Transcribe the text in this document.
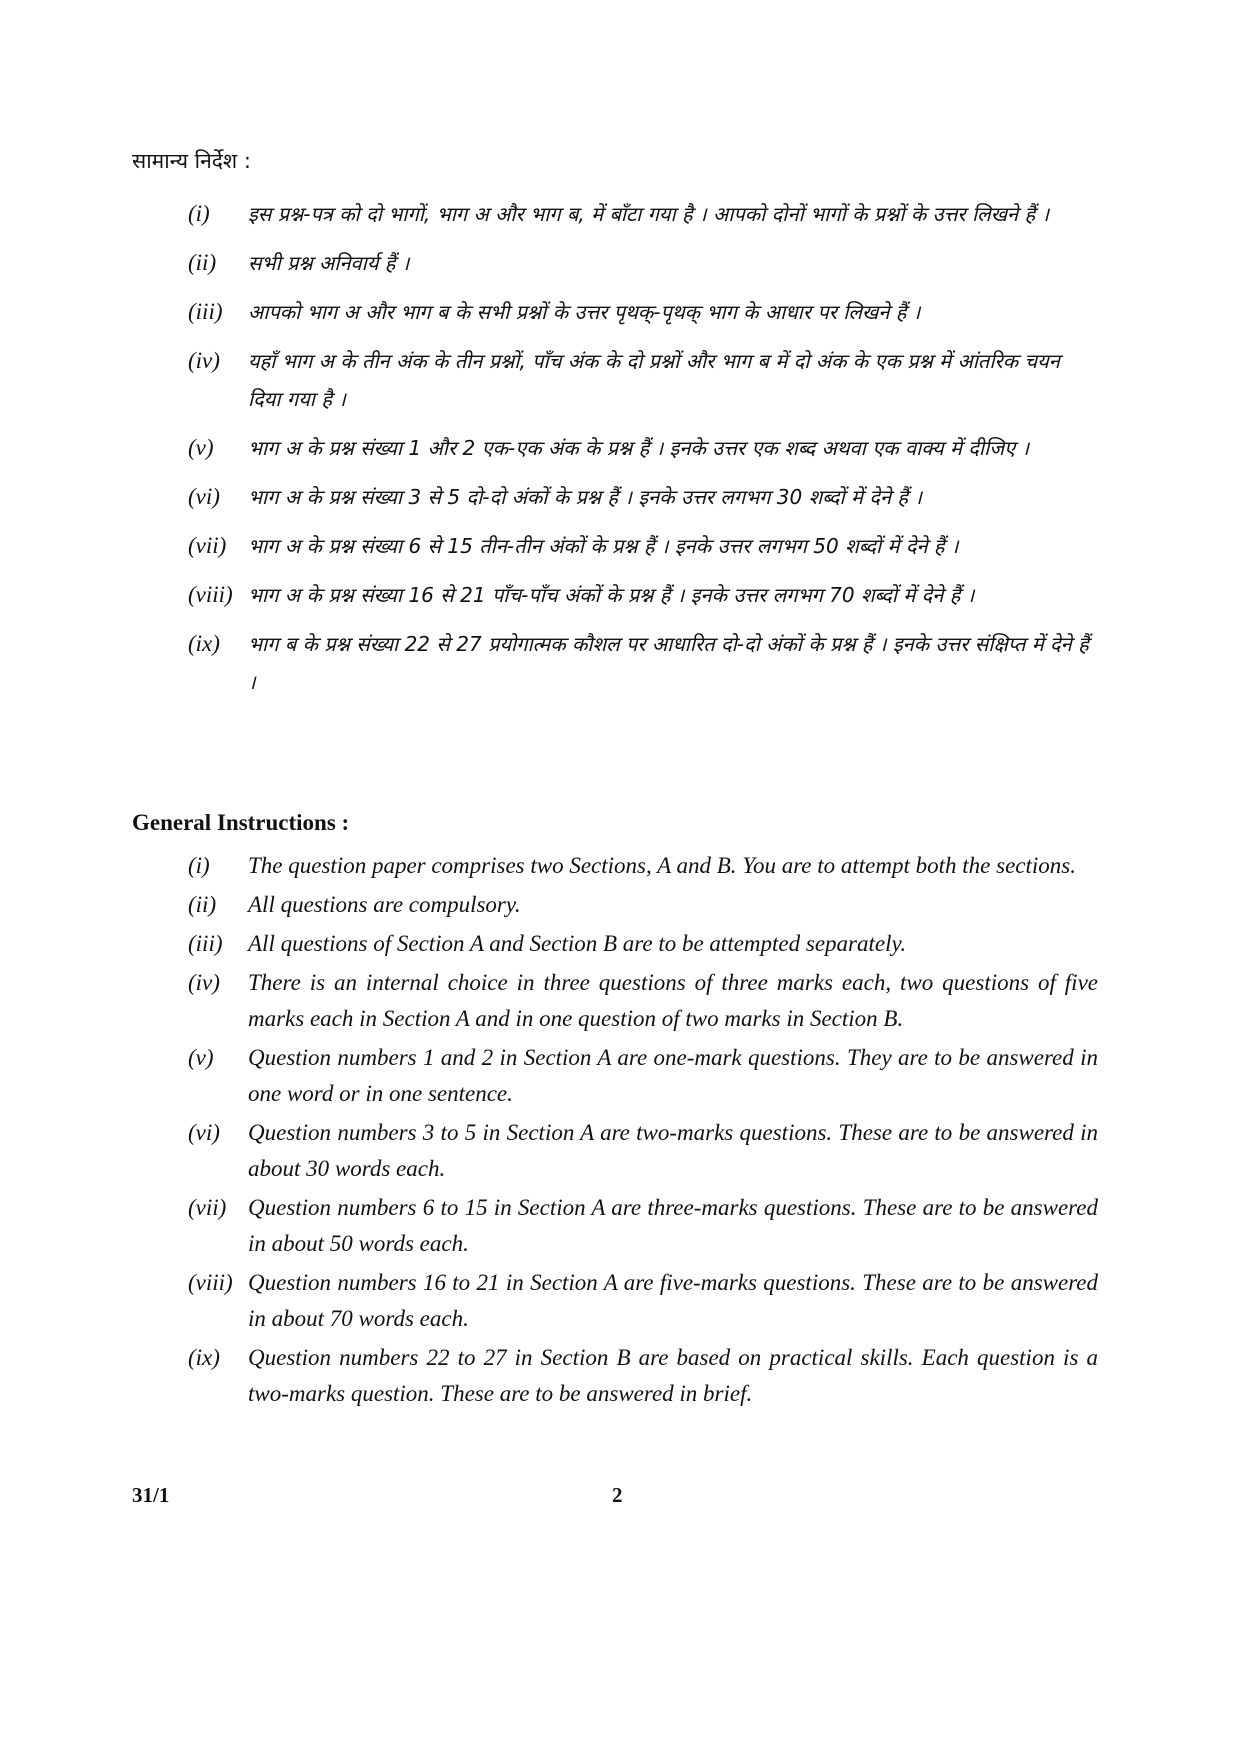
सामान्य निर्देश :
(i)	इस प्रश्न-पत्र को दो भागों, भाग अ और भाग ब, में बाँटा गया है । आपको दोनों भागों के प्रश्नों के उत्तर लिखने हैं ।
(ii)	सभी प्रश्न अनिवार्य हैं ।
(iii)	आपको भाग अ और भाग ब के सभी प्रश्नों के उत्तर पृथक्-पृथक् भाग के आधार पर लिखने हैं ।
(iv)	यहाँ भाग अ के तीन अंक के तीन प्रश्नों, पाँच अंक के दो प्रश्नों और भाग ब में दो अंक के एक प्रश्न में आंतरिक चयन दिया गया है ।
(v)	भाग अ के प्रश्न संख्या 1 और 2 एक-एक अंक के प्रश्न हैं । इनके उत्तर एक शब्द अथवा एक वाक्य में दीजिए ।
(vi)	भाग अ के प्रश्न संख्या 3 से 5 दो-दो अंकों के प्रश्न हैं । इनके उत्तर लगभग 30 शब्दों में देने हैं ।
(vii)	भाग अ के प्रश्न संख्या 6 से 15 तीन-तीन अंकों के प्रश्न हैं । इनके उत्तर लगभग 50 शब्दों में देने हैं ।
(viii) भाग अ के प्रश्न संख्या 16 से 21 पाँच-पाँच अंकों के प्रश्न हैं । इनके उत्तर लगभग 70 शब्दों में देने हैं ।
(ix)	भाग ब के प्रश्न संख्या 22 से 27 प्रयोगात्मक कौशल पर आधारित दो-दो अंकों के प्रश्न हैं । इनके उत्तर संक्षिप्त में देने हैं ।
General Instructions :
(i)	The question paper comprises two Sections, A and B. You are to attempt both the sections.
(ii)	All questions are compulsory.
(iii)	All questions of Section A and Section B are to be attempted separately.
(iv)	There is an internal choice in three questions of three marks each, two questions of five marks each in Section A and in one question of two marks in Section B.
(v)	Question numbers 1 and 2 in Section A are one-mark questions. They are to be answered in one word or in one sentence.
(vi)	Question numbers 3 to 5 in Section A are two-marks questions. These are to be answered in about 30 words each.
(vii) Question numbers 6 to 15 in Section A are three-marks questions. These are to be answered in about 50 words each.
(viii) Question numbers 16 to 21 in Section A are five-marks questions. These are to be answered in about 70 words each.
(ix)	Question numbers 22 to 27 in Section B are based on practical skills. Each question is a two-marks question. These are to be answered in brief.
31/1	2
